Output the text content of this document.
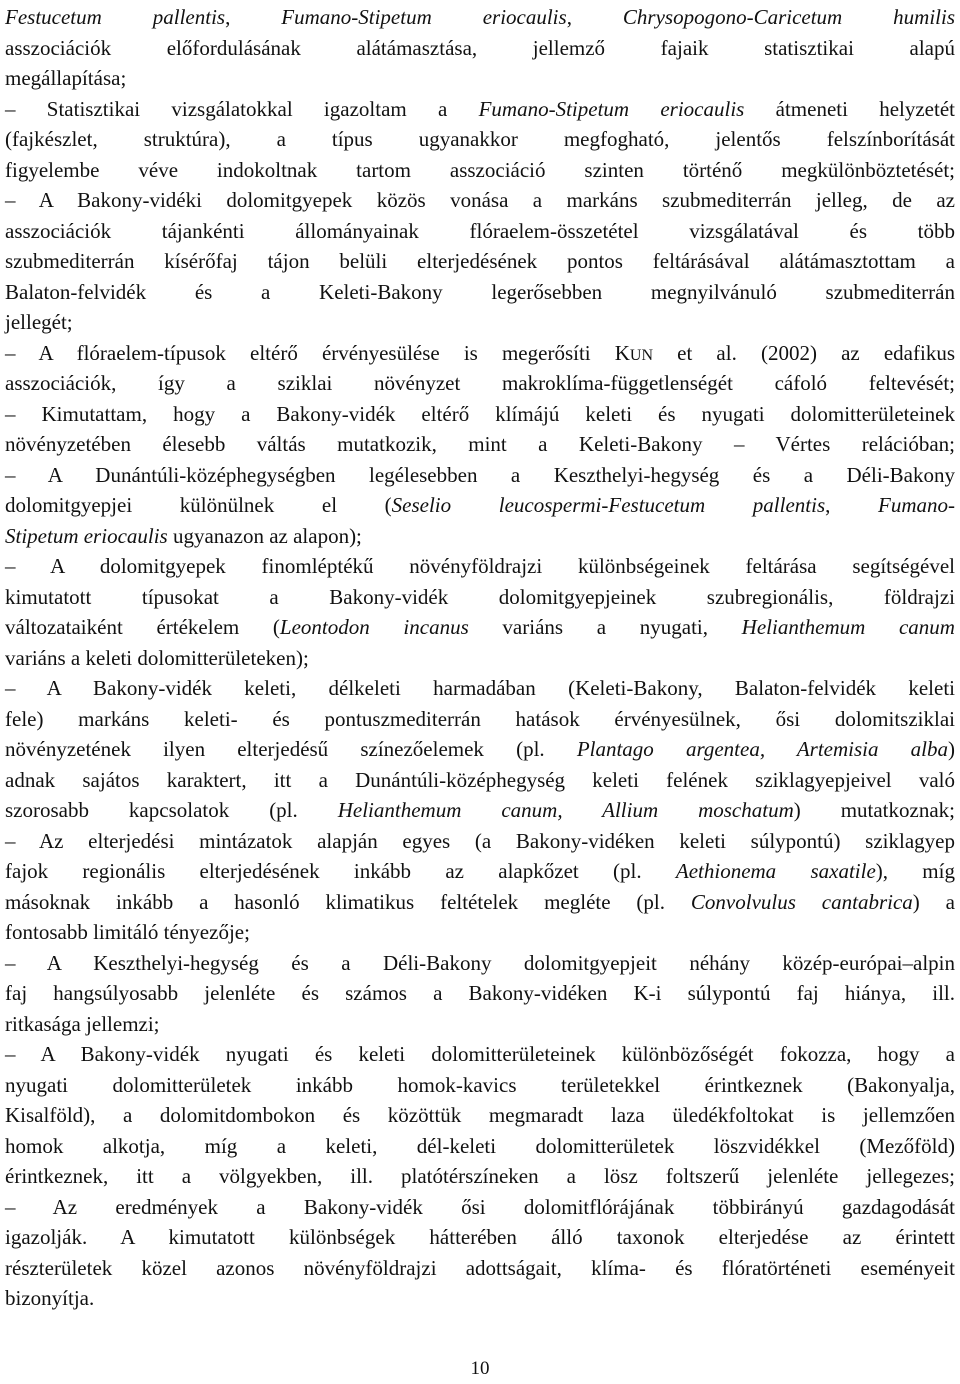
Festucetum pallentis, Fumano-Stipetum eriocaulis, Chrysopogono-Caricetum humilis

asszociációk előfordulásának alátámasztása, jellemző fajaik statisztikai alapú

megállapítása;

– Statisztikai vizsgálatokkal igazoltam a Fumano-Stipetum eriocaulis átmeneti helyzetét

(fajkészlet, struktúra), a típus ugyanakkor megfogható, jelentős felszínborítását

figyelembe véve indokoltnak tartom asszociáció szinten történő megkülönböztetését;

– A Bakony-vidéki dolomitgyepek közös vonása a markáns szubmediterrán jelleg, de az

asszociációk tájankénti állományainak flóraelem-összetétel vizsgálatával és több

szubmediterrán kísérőfaj tájon belüli elterjedésének pontos feltárásával alátámasztottam a

Balaton-felvidék és a Keleti-Bakony legerősebben megnyilvánuló szubmediterrán

jellegét;

– A flóraelem-típusok eltérő érvényesülése is megerősíti KUN et al. (2002) az edafikus

asszociációk, így a sziklai növényzet makroklíma-függetlenségét cáfoló feltevését;

– Kimutattam, hogy a Bakony-vidék eltérő klímájú keleti és nyugati dolomitterületeinek

növényzetében élesebb váltás mutatkozik, mint a Keleti-Bakony – Vértes relációban;

– A Dunántúli-középhegységben legélesebben a Keszthelyi-hegység és a Déli-Bakony

dolomitgyepjei különülnek el (Seselio leucospermi-Festucetum pallentis, Fumano-

Stipetum eriocaulis ugyanazon az alapon);

– A dolomitgyepek finomléptékű növényföldrajzi különbségeinek feltárása segítségével

kimutatott típusokat a Bakony-vidék dolomitgyepjeinek szubregionális, földrajzi

változataiként értékelem (Leontodon incanus variáns a nyugati, Helianthemum canum

variáns a keleti dolomitterületeken);

– A Bakony-vidék keleti, délkeleti harmadában (Keleti-Bakony, Balaton-felvidék keleti

fele) markáns keleti- és pontuszmediterrán hatások érvényesülnek, ősi dolomitsziklai

növényzetének ilyen elterjedésű színezőelemek (pl. Plantago argentea, Artemisia alba)

adnak sajátos karaktert, itt a Dunántúli-középhegység keleti felének sziklagyepjeivel való

szorosabb kapcsolatok (pl. Helianthemum canum, Allium moschatum) mutatkoznak;

– Az elterjedési mintázatok alapján egyes (a Bakony-vidéken keleti súlypontú) sziklagyep

fajok regionális elterjedésének inkább az alapkőzet (pl. Aethionema saxatile), míg

másoknak inkább a hasonló klimatikus feltételek megléte (pl. Convolvulus cantabrica) a

fontosabb limitáló tényezője;

– A Keszthelyi-hegység és a Déli-Bakony dolomitgyepjeit néhány közép-európai–alpin

faj hangsúlyosabb jelenléte és számos a Bakony-vidéken K-i súlypontú faj hiánya, ill.

ritkasága jellemzi;

– A Bakony-vidék nyugati és keleti dolomitterületeinek különbözőségét fokozza, hogy a

nyugati dolomitterületek inkább homok-kavics területekkel érintkeznek (Bakonyalja,

Kisalföld), a dolomitdombokon és közöttük megmaradt laza üledékfoltokat is jellemzően

homok alkotja, míg a keleti, dél-keleti dolomitterületek löszvidékkel (Mezőföld)

érintkeznek, itt a völgyekben, ill. platótérszíneken a lösz foltszerű jelenléte jellegezes;

– Az eredmények a Bakony-vidék ősi dolomitflórájának többirányú gazdagodását

igazolják. A kimutatott különbségek hátterében álló taxonok elterjedése az érintett

részterületek közel azonos növényföldrajzi adottságait, klíma- és flóratörténeti eseményeit

bizonyítja.

10
